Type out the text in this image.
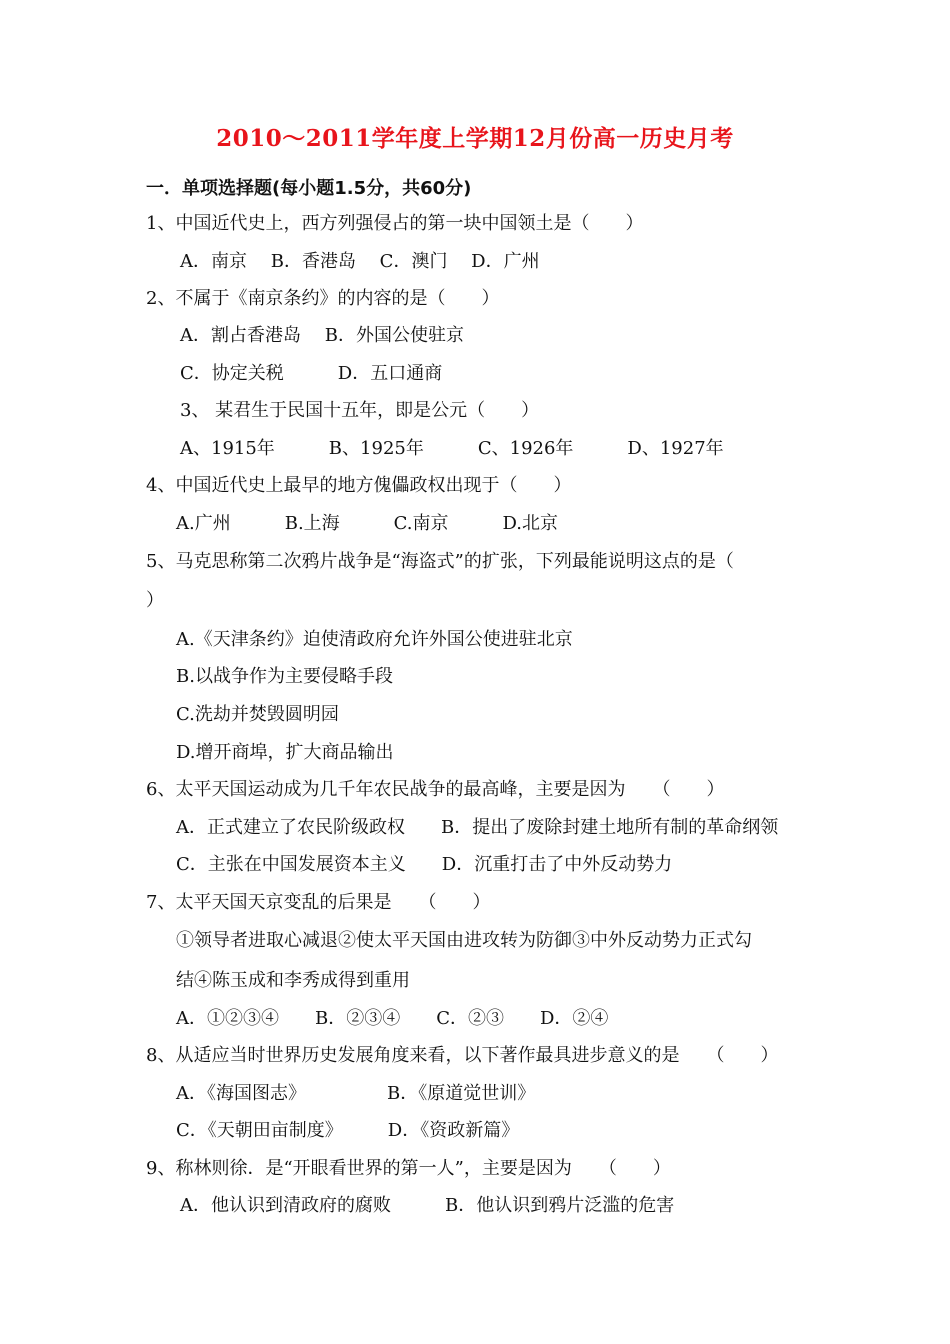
2010～2011学年度上学期12月份高一历史月考
一．单项选择题(每小题1.5分，共60分)
1、中国近代史上，西方列强侵占的第一块中国领土是（　　）
A．南京　 B．香港岛　 C．澳门　 D．广州
2、不属于《南京条约》的内容的是（　　）
A．割占香港岛　 B．外国公使驻京
C．协定关税　　　D．五口通商
3、 某君生于民国十五年，即是公元（　　）
A、1915年　　　B、1925年　　　C、1926年　　　D、1927年
4、中国近代史上最早的地方傀儡政权出现于（　　）
A.广州　　　B.上海　　　C.南京　　　D.北京
5、马克思称第二次鸦片战争是“海盗式”的扩张，下列最能说明这点的是（
）
A.《天津条约》迫使清政府允许外国公使进驻北京
B.以战争作为主要侵略手段
C.洗劫并焚毁圆明园
D.增开商埠，扩大商品输出
6、太平天国运动成为几千年农民战争的最高峰，主要是因为　　（　　）
A．正式建立了农民阶级政权　　B．提出了废除封建土地所有制的革命纲领
C．主张在中国发展资本主义　　D．沉重打击了中外反动势力
7、太平天国天京变乱的后果是　　（　　）
①领导者进取心减退②使太平天国由进攻转为防御③中外反动势力正式勾
结④陈玉成和李秀成得到重用
A．①②③④　　B．②③④　　C．②③　　D．②④
8、从适应当时世界历史发展角度来看，以下著作最具进步意义的是　　（　　）
A．《海国图志》　　　　　B．《原道觉世训》
C．《天朝田亩制度》　　　D．《资政新篇》
9、称林则徐．是“开眼看世界的第一人”，主要是因为　　（　　）
A．他认识到清政府的腐败　　　B．他认识到鸦片泛滥的危害
